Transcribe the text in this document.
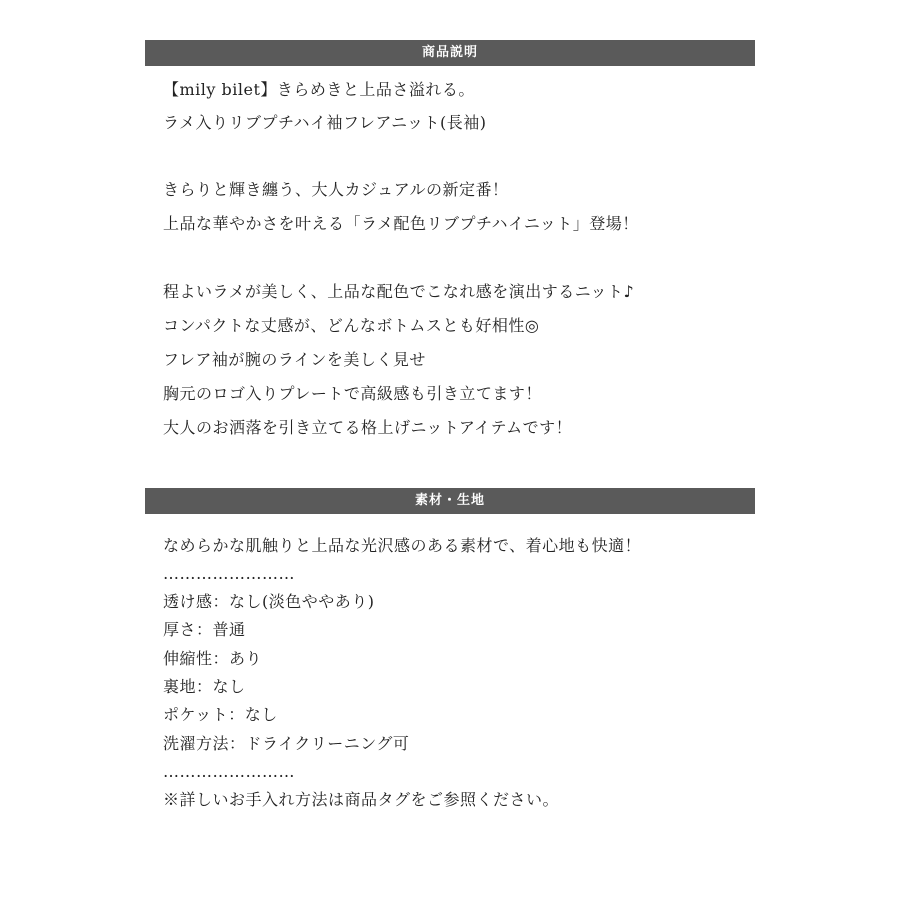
商品説明
【mily bilet】きらめきと上品さ溢れる。
ラメ入りリブプチハイ袖フレアニット(長袖)
きらりと輝き纏う、大人カジュアルの新定番！
上品な華やかさを叶える「ラメ配色リブプチハイニット」登場！
程よいラメが美しく、上品な配色でこなれ感を演出するニット♪
コンパクトな丈感が、どんなボトムスとも好相性◎
フレア袖が腕のラインを美しく見せ
胸元のロゴ入りプレートで高級感も引き立てます！
大人のお洒落を引き立てる格上げニットアイテムです！
素材・生地
なめらかな肌触りと上品な光沢感のある素材で、着心地も快適！
……………………
透け感：なし(淡色ややあり)
厚さ：普通
伸縮性：あり
裏地：なし
ポケット：なし
洗濯方法：ドライクリーニング可
……………………
※詳しいお手入れ方法は商品タグをご参照ください。
